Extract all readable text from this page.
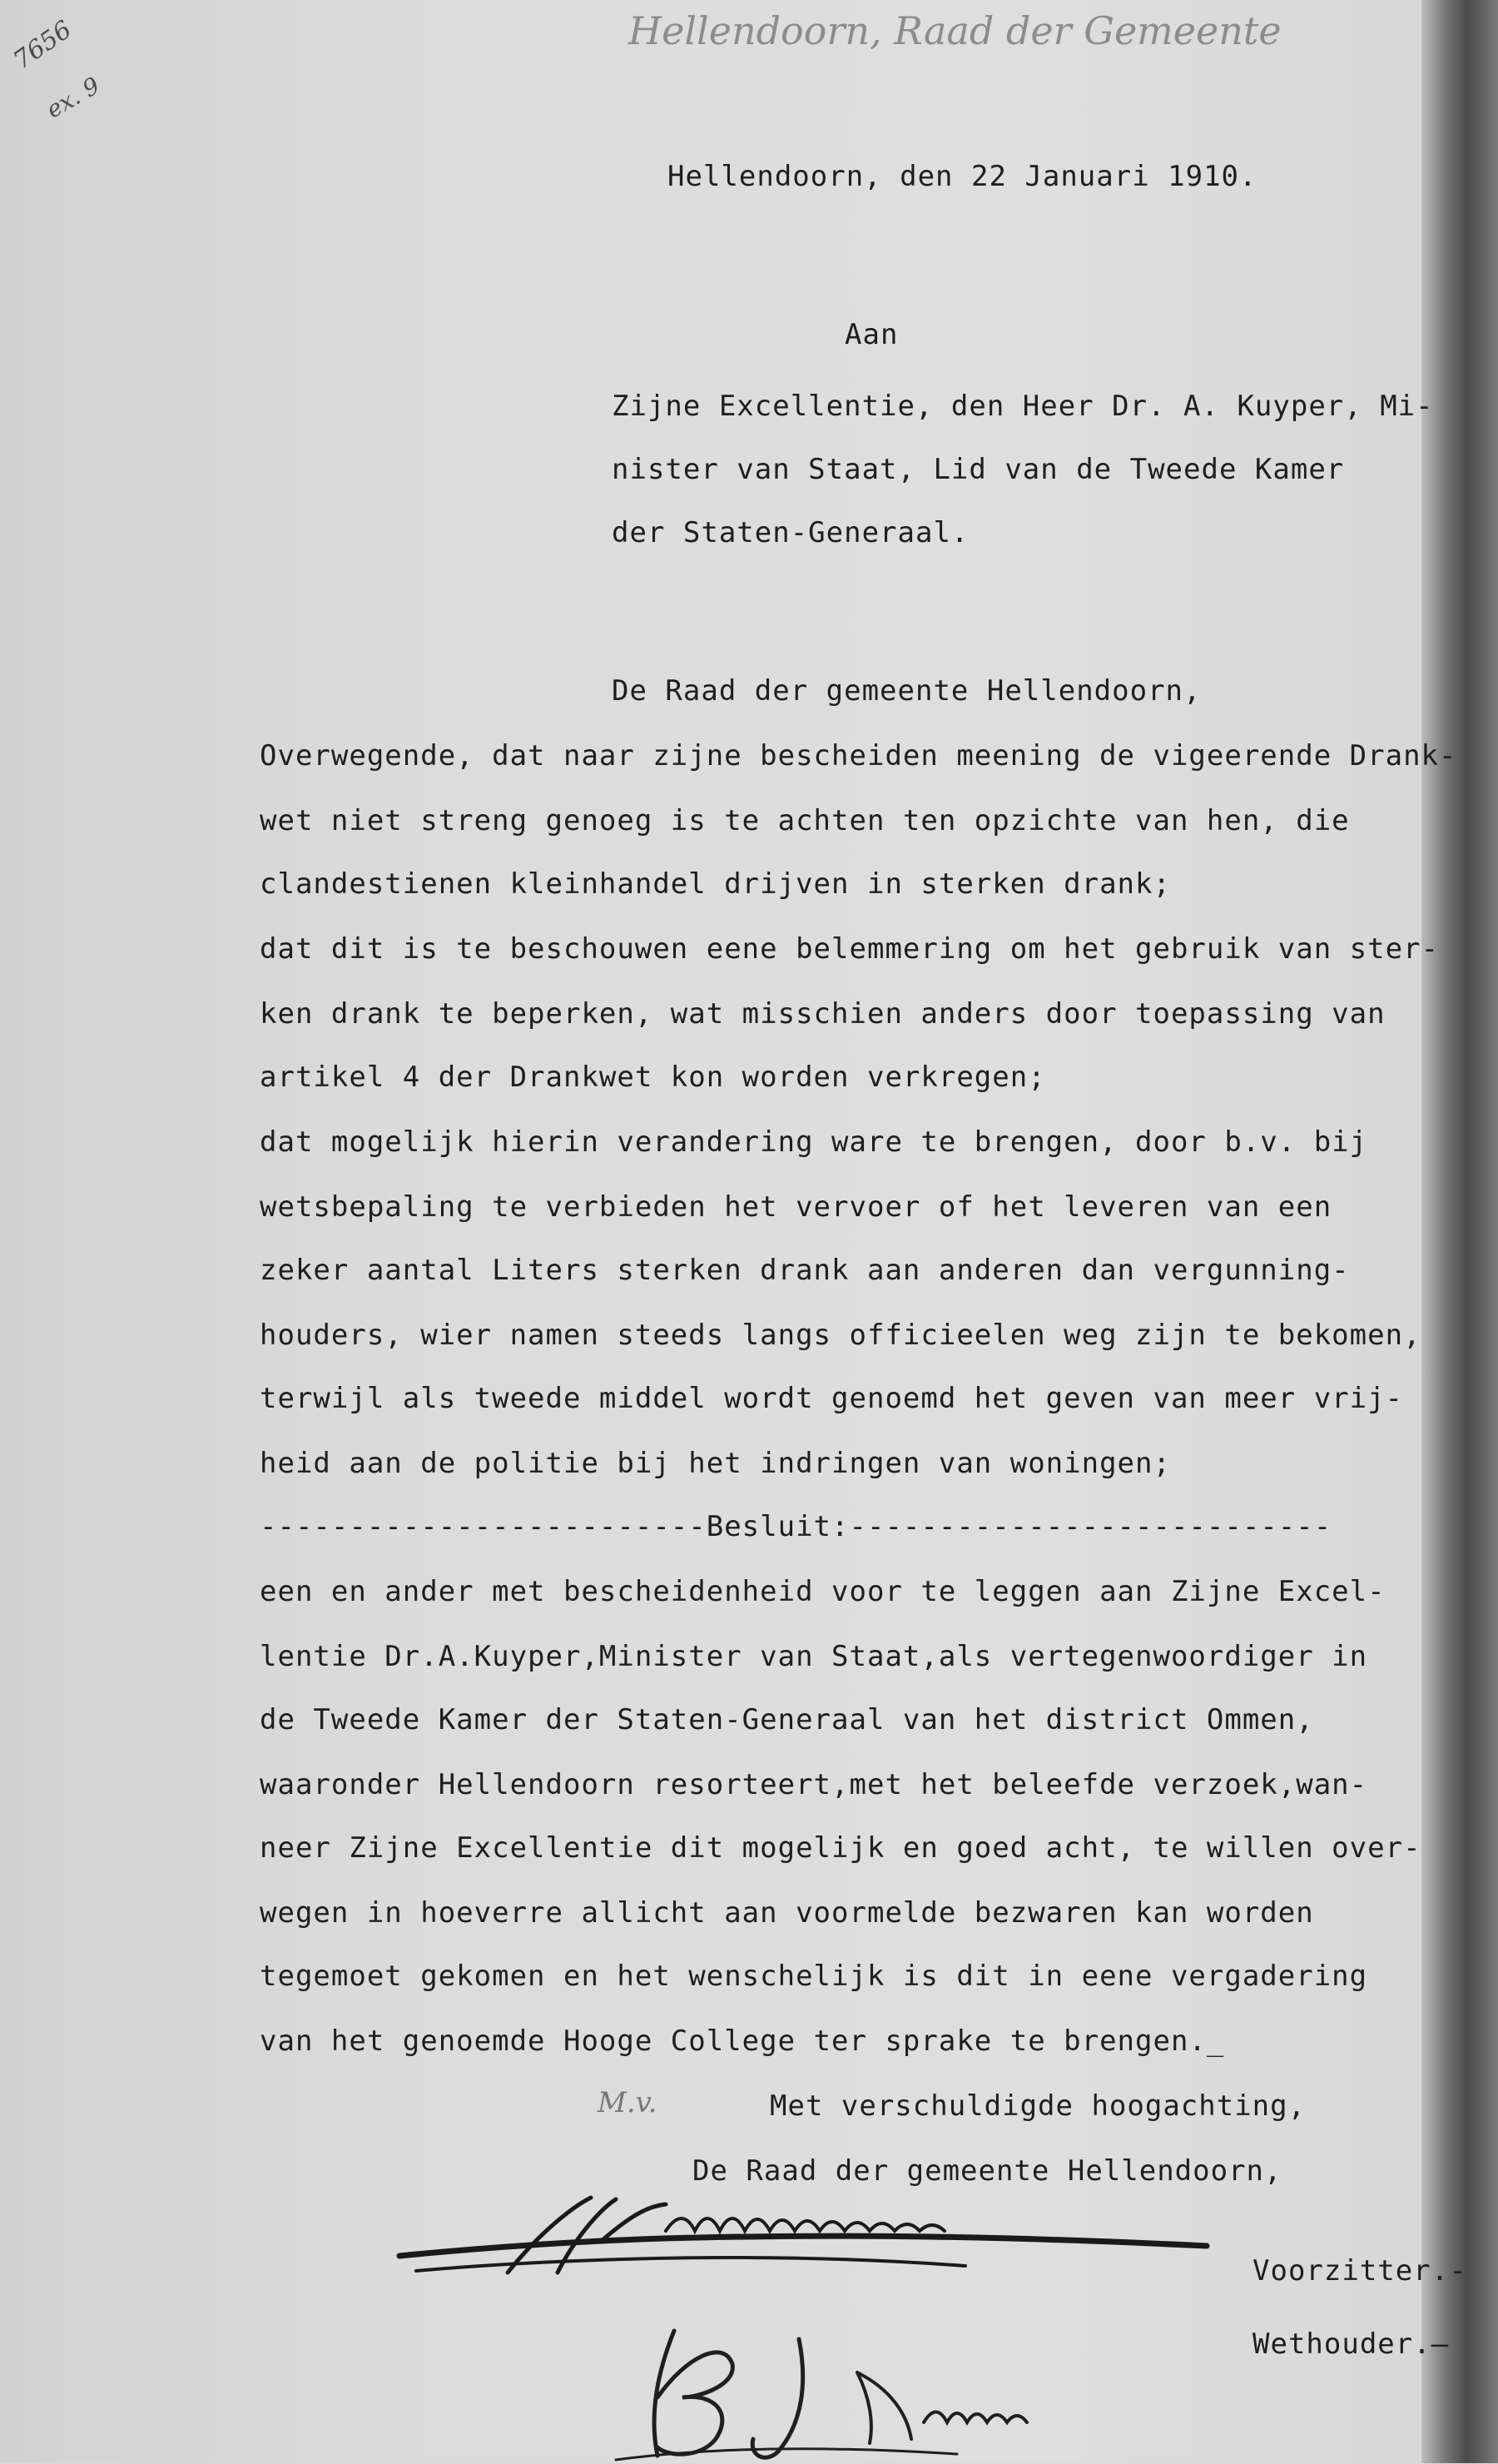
Hellendoorn, Raad der Gemeente
7656
ex. 9
Hellendoorn, den 22 Januari 1910.
Aan
Zijne Excellentie, den Heer Dr. A. Kuyper, Mi-
nister van Staat, Lid van de Tweede Kamer
der Staten-Generaal.
De Raad der gemeente Hellendoorn,
Overwegende, dat naar zijne bescheiden meening de vigeerende Drank-
wet niet streng genoeg is te achten ten opzichte van hen, die
clandestienen kleinhandel drijven in sterken drank;
dat dit is te beschouwen eene belemmering om het gebruik van ster-
ken drank te beperken, wat misschien anders door toepassing van
artikel 4 der Drankwet kon worden verkregen;
dat mogelijk hierin verandering ware te brengen, door b.v. bij
wetsbepaling te verbieden het vervoer of het leveren van een
zeker aantal Liters sterken drank aan anderen dan vergunning-
houders, wier namen steeds langs officieelen weg zijn te bekomen,
terwijl als tweede middel wordt genoemd het geven van meer vrij-
heid aan de politie bij het indringen van woningen;
-------------------------Besluit:---------------------------
een en ander met bescheidenheid voor te leggen aan Zijne Excel-
lentie Dr.A.Kuyper,Minister van Staat,als vertegenwoordiger in
de Tweede Kamer der Staten-Generaal van het district Ommen,
waaronder Hellendoorn resorteert,met het beleefde verzoek,wan-
neer Zijne Excellentie dit mogelijk en goed acht, te willen over-
wegen in hoeverre allicht aan voormelde bezwaren kan worden
tegemoet gekomen en het wenschelijk is dit in eene vergadering
van het genoemde Hooge College ter sprake te brengen._
M.v.	Met verschuldigde hoogachting,
De Raad der gemeente Hellendoorn,
Voorzitter.-
Wethouder.—
